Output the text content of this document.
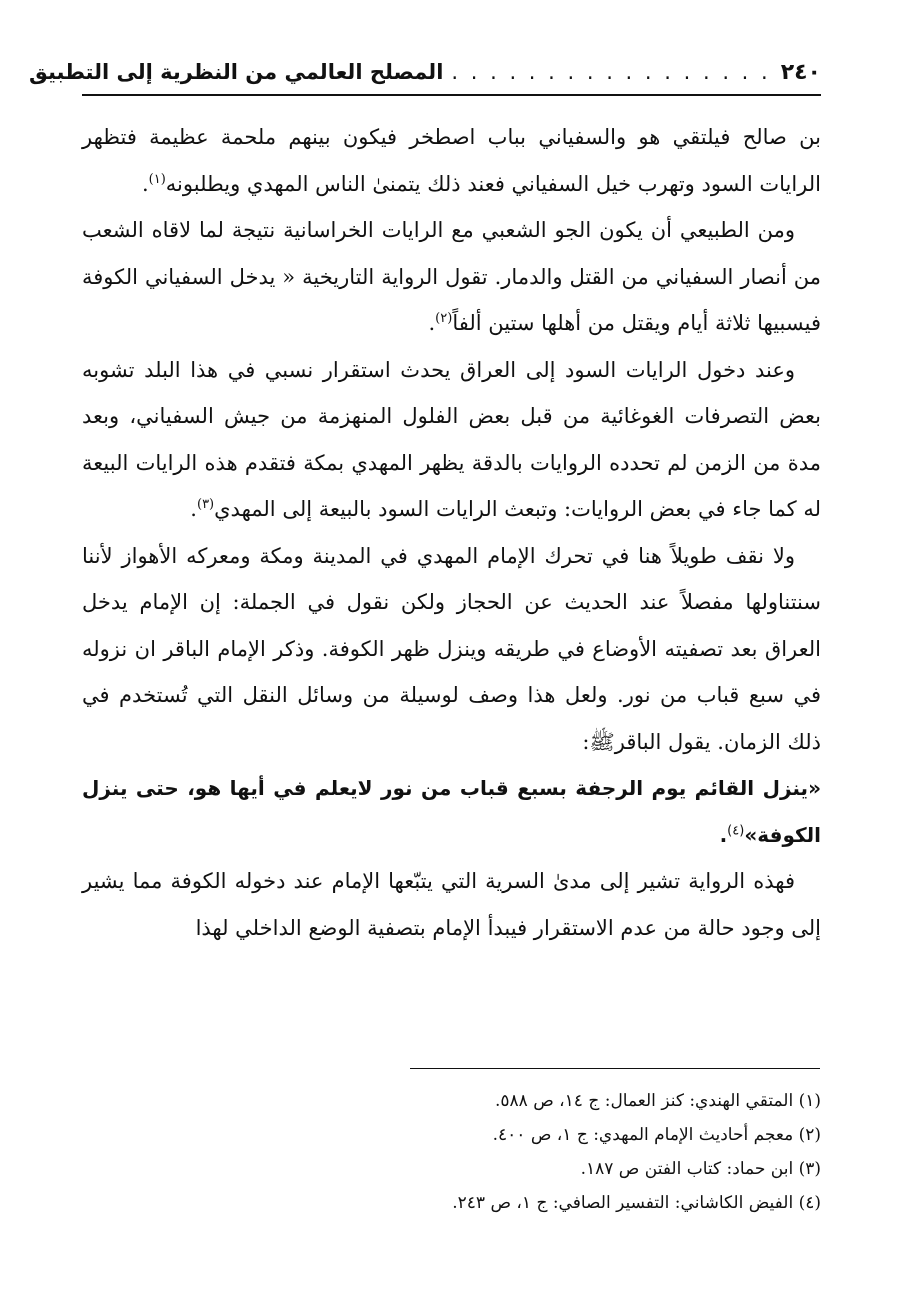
٢٤٠
. . . . . . . . . . . . . . . . .
المصلح العالمي من النظرية إلى التطبيق

بن صالح فيلتقي هو والسفياني بباب اصطخر فيكون بينهم ملحمة عظيمة فتظهر الرايات السود وتهرب خيل السفياني فعند ذلك يتمنىٰ الناس المهدي ويطلبونه$^{(١)}$.

ومن الطبيعي أن يكون الجو الشعبي مع الرايات الخراسانية نتيجة لما لاقاه الشعب من أنصار السفياني من القتل والدمار. تقول الرواية التاريخية « يدخل السفياني الكوفة فيسبيها ثلاثة أيام ويقتل من أهلها ستين ألفاً$^{(٢)}$.

وعند دخول الرايات السود إلى العراق يحدث استقرار نسبي في هذا البلد تشوبه بعض التصرفات الغوغائية من قبل بعض الفلول المنهزمة من جيش السفياني، وبعد مدة من الزمن لم تحدده الروايات بالدقة يظهر المهدي بمكة فتقدم هذه الرايات البيعة له كما جاء في بعض الروايات: وتبعث الرايات السود بالبيعة إلى المهدي$^{(٣)}$.

ولا نقف طويلاً هنا في تحرك الإمام المهدي في المدينة ومكة ومعركه الأهواز لأننا سنتناولها مفصلاً عند الحديث عن الحجاز ولكن نقول في الجملة: إن الإمام يدخل العراق بعد تصفيته الأوضاع في طريقه وينزل ظهر الكوفة. وذكر الإمام الباقر ان نزوله في سبع قباب من نور. ولعل هذا وصف لوسيلة من وسائل النقل التي تُستخدم في ذلك الزمان. يقول الباقرﷺ:

«ينزل القائم يوم الرجفة بسبع قباب من نور لايعلم في أيها هو، حتى ينزل الكوفة»$^{(٤)}$.

فهذه الرواية تشير إلى مدىٰ السرية التي يتبّعها الإمام عند دخوله الكوفة مما يشير إلى وجود حالة من عدم الاستقرار فيبدأ الإمام بتصفية الوضع الداخلي لهذا

(١) المتقي الهندي: كنز العمال: ج ١٤، ص ٥٨٨.
(٢) معجم أحاديث الإمام المهدي: ج ١، ص ٤٠٠.
(٣) ابن حماد: كتاب الفتن ص ١٨٧.
(٤) الفيض الكاشاني: التفسير الصافي: ج ١، ص ٢٤٣.
